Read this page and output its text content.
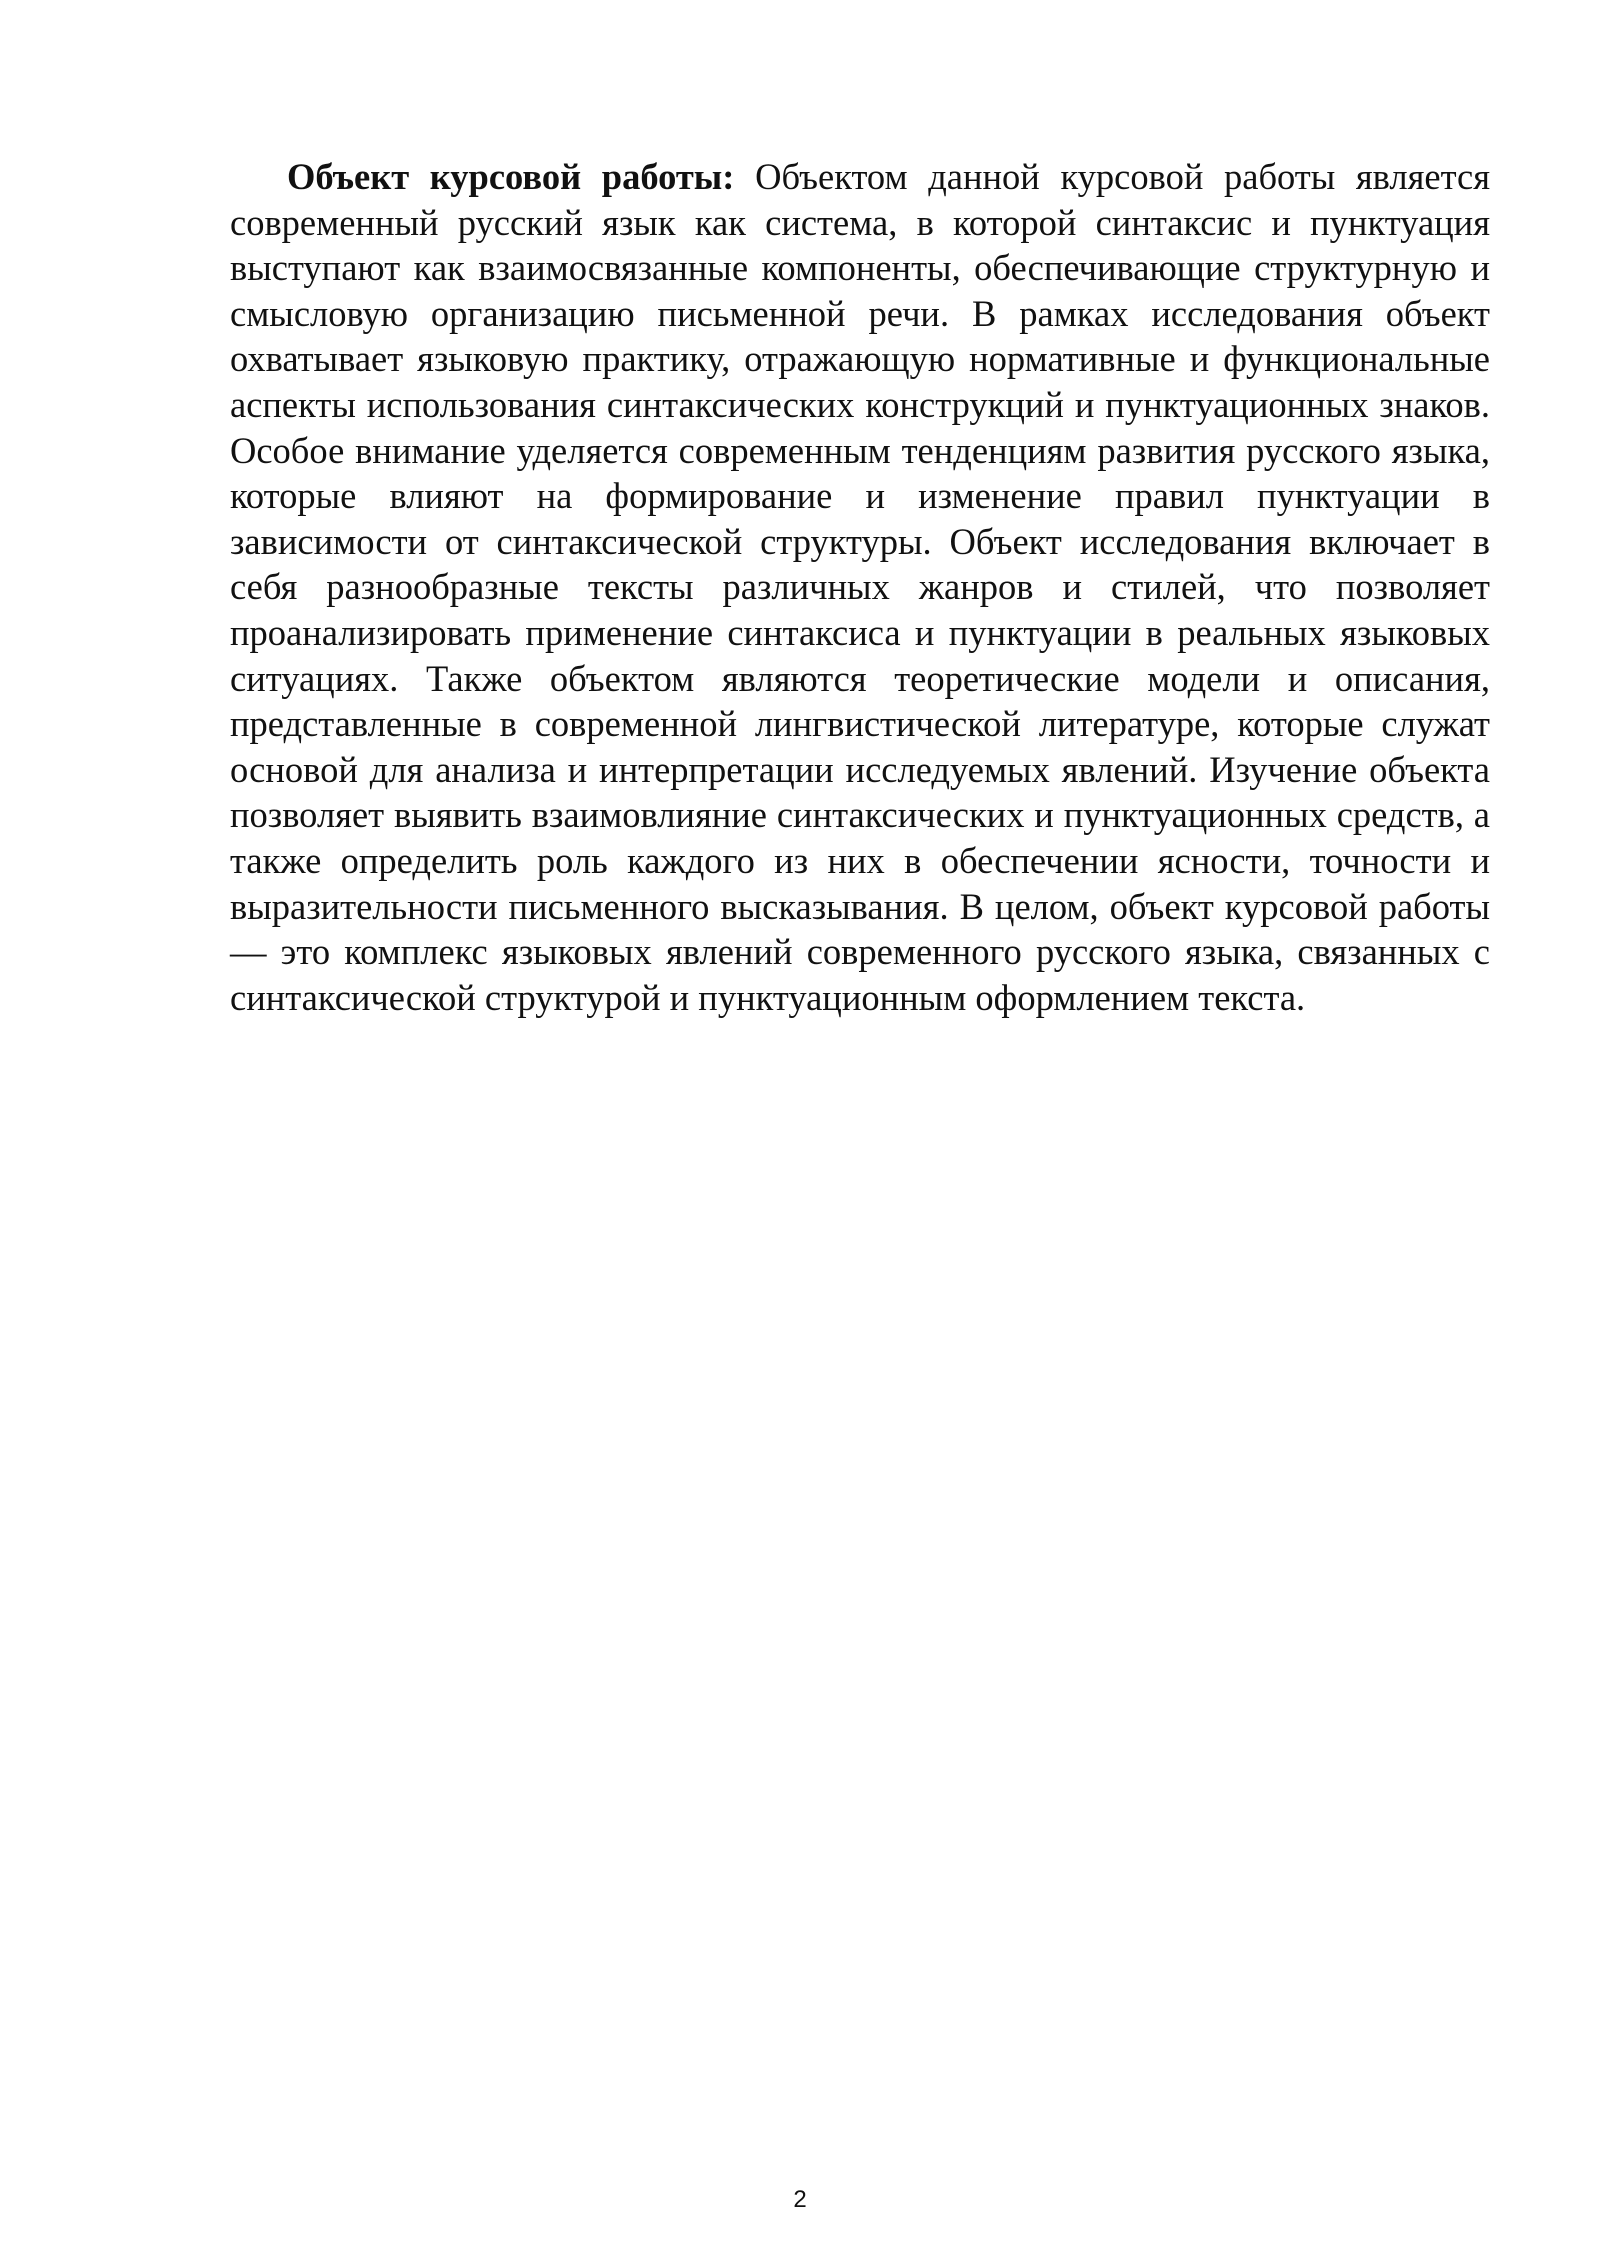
Объект курсовой работы: Объектом данной курсовой работы является современный русский язык как система, в которой синтаксис и пунктуация выступают как взаимосвязанные компоненты, обеспечивающие структурную и смысловую организацию письменной речи. В рамках исследования объект охватывает языковую практику, отражающую нормативные и функциональные аспекты использования синтаксических конструкций и пунктуационных знаков. Особое внимание уделяется современным тенденциям развития русского языка, которые влияют на формирование и изменение правил пунктуации в зависимости от синтаксической структуры. Объект исследования включает в себя разнообразные тексты различных жанров и стилей, что позволяет проанализировать применение синтаксиса и пунктуации в реальных языковых ситуациях. Также объектом являются теоретические модели и описания, представленные в современной лингвистической литературе, которые служат основой для анализа и интерпретации исследуемых явлений. Изучение объекта позволяет выявить взаимовлияние синтаксических и пунктуационных средств, а также определить роль каждого из них в обеспечении ясности, точности и выразительности письменного высказывания. В целом, объект курсовой работы — это комплекс языковых явлений современного русского языка, связанных с синтаксической структурой и пунктуационным оформлением текста.

2
